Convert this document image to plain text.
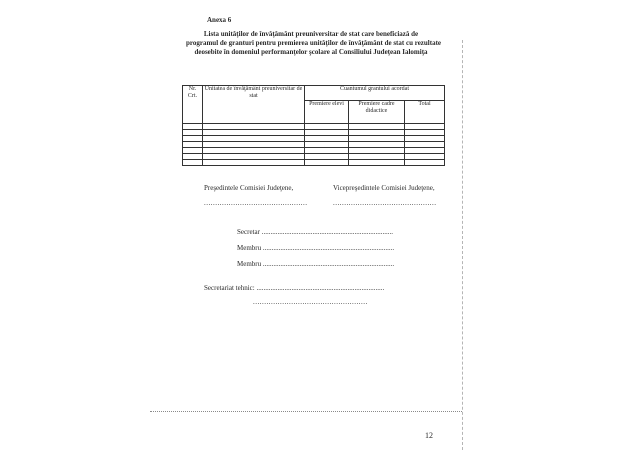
Anexa 6
Lista unităţilor de învăţământ preuniversitar de stat care beneficiază de
programul de granturi pentru premierea unităţilor de învăţământ de stat cu rezultate
deosebite în domeniul performanţelor şcolare al Consiliului Judeţean Ialomiţa
Nr. Crt.	Unitatea de învăţământ preuniversitar de stat	Cuantumul grantului acordat		
		Premiere elevi	Premiere cadre didactice	Total

Preşedintele Comisiei Judeţene,
..............................................
Vicepreşedintele Comisiei Judeţene,
..............................................
Secretar ...........................................................................
Membru ...........................................................................
Membru ...........................................................................
Secretariat tehnic: .........................................................................
...................................................
12
